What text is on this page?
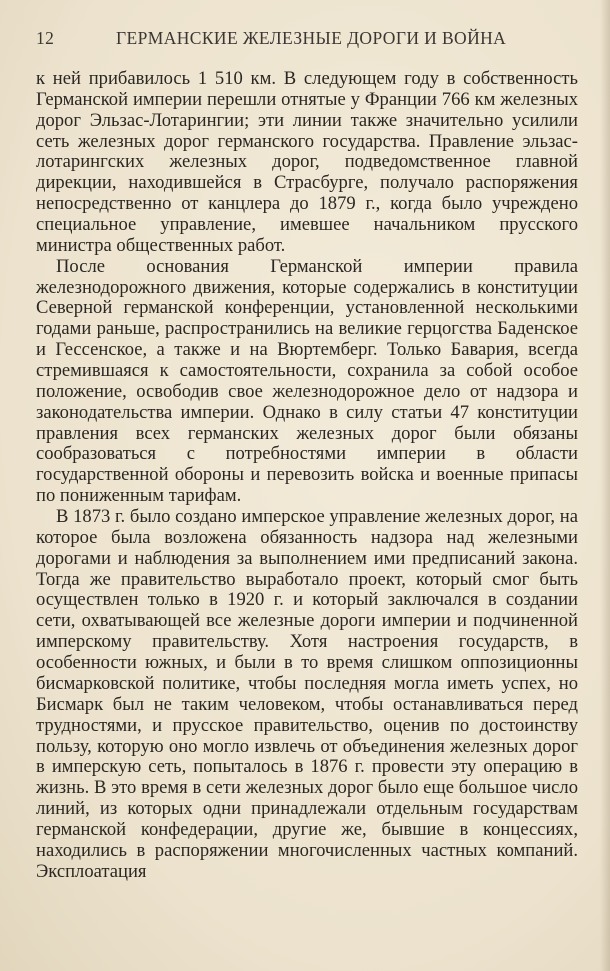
12	ГЕРМАНСКИЕ ЖЕЛЕЗНЫЕ ДОРОГИ И ВОЙНА

к ней прибавилось 1 510 км. В следующем году в собственность Германской империи перешли отнятые у Франции 766 км железных дорог Эльзас-Лотарингии; эти линии также значительно усилили сеть железных дорог германского государства. Правление эльзас-лотарингских железных дорог, подведомственное главной дирекции, находившейся в Страсбурге, получало распоряжения непосредственно от канцлера до 1879 г., когда было учреждено специальное управление, имевшее начальником прусского министра общественных работ.

После основания Германской империи правила железнодорожного движения, которые содержались в конституции Северной германской конференции, установленной несколькими годами раньше, распространились на великие герцогства Баденское и Гессенское, а также и на Вюртемберг. Только Бавария, всегда стремившаяся к самостоятельности, сохранила за собой особое положение, освободив свое железнодорожное дело от надзора и законодательства империи. Однако в силу статьи 47 конституции правления всех германских железных дорог были обязаны сообразоваться с потребностями империи в области государственной обороны и перевозить войска и военные припасы по пониженным тарифам.

В 1873 г. было создано имперское управление железных дорог, на которое была возложена обязанность надзора над железными дорогами и наблюдения за выполнением ими предписаний закона. Тогда же правительство выработало проект, который смог быть осуществлен только в 1920 г. и который заключался в создании сети, охватывающей все железные дороги империи и подчиненной имперскому правительству. Хотя настроения государств, в особенности южных, и были в то время слишком оппозиционны бисмарковской политике, чтобы последняя могла иметь успех, но Бисмарк был не таким человеком, чтобы останавливаться перед трудностями, и прусское правительство, оценив по достоинству пользу, которую оно могло извлечь от объединения железных дорог в имперскую сеть, попыталось в 1876 г. провести эту операцию в жизнь. В это время в сети железных дорог было еще большое число линий, из которых одни принадлежали отдельным государствам германской конфедерации, другие же, бывшие в концессиях, находились в распоряжении многочисленных частных компаний. Эксплоатация
